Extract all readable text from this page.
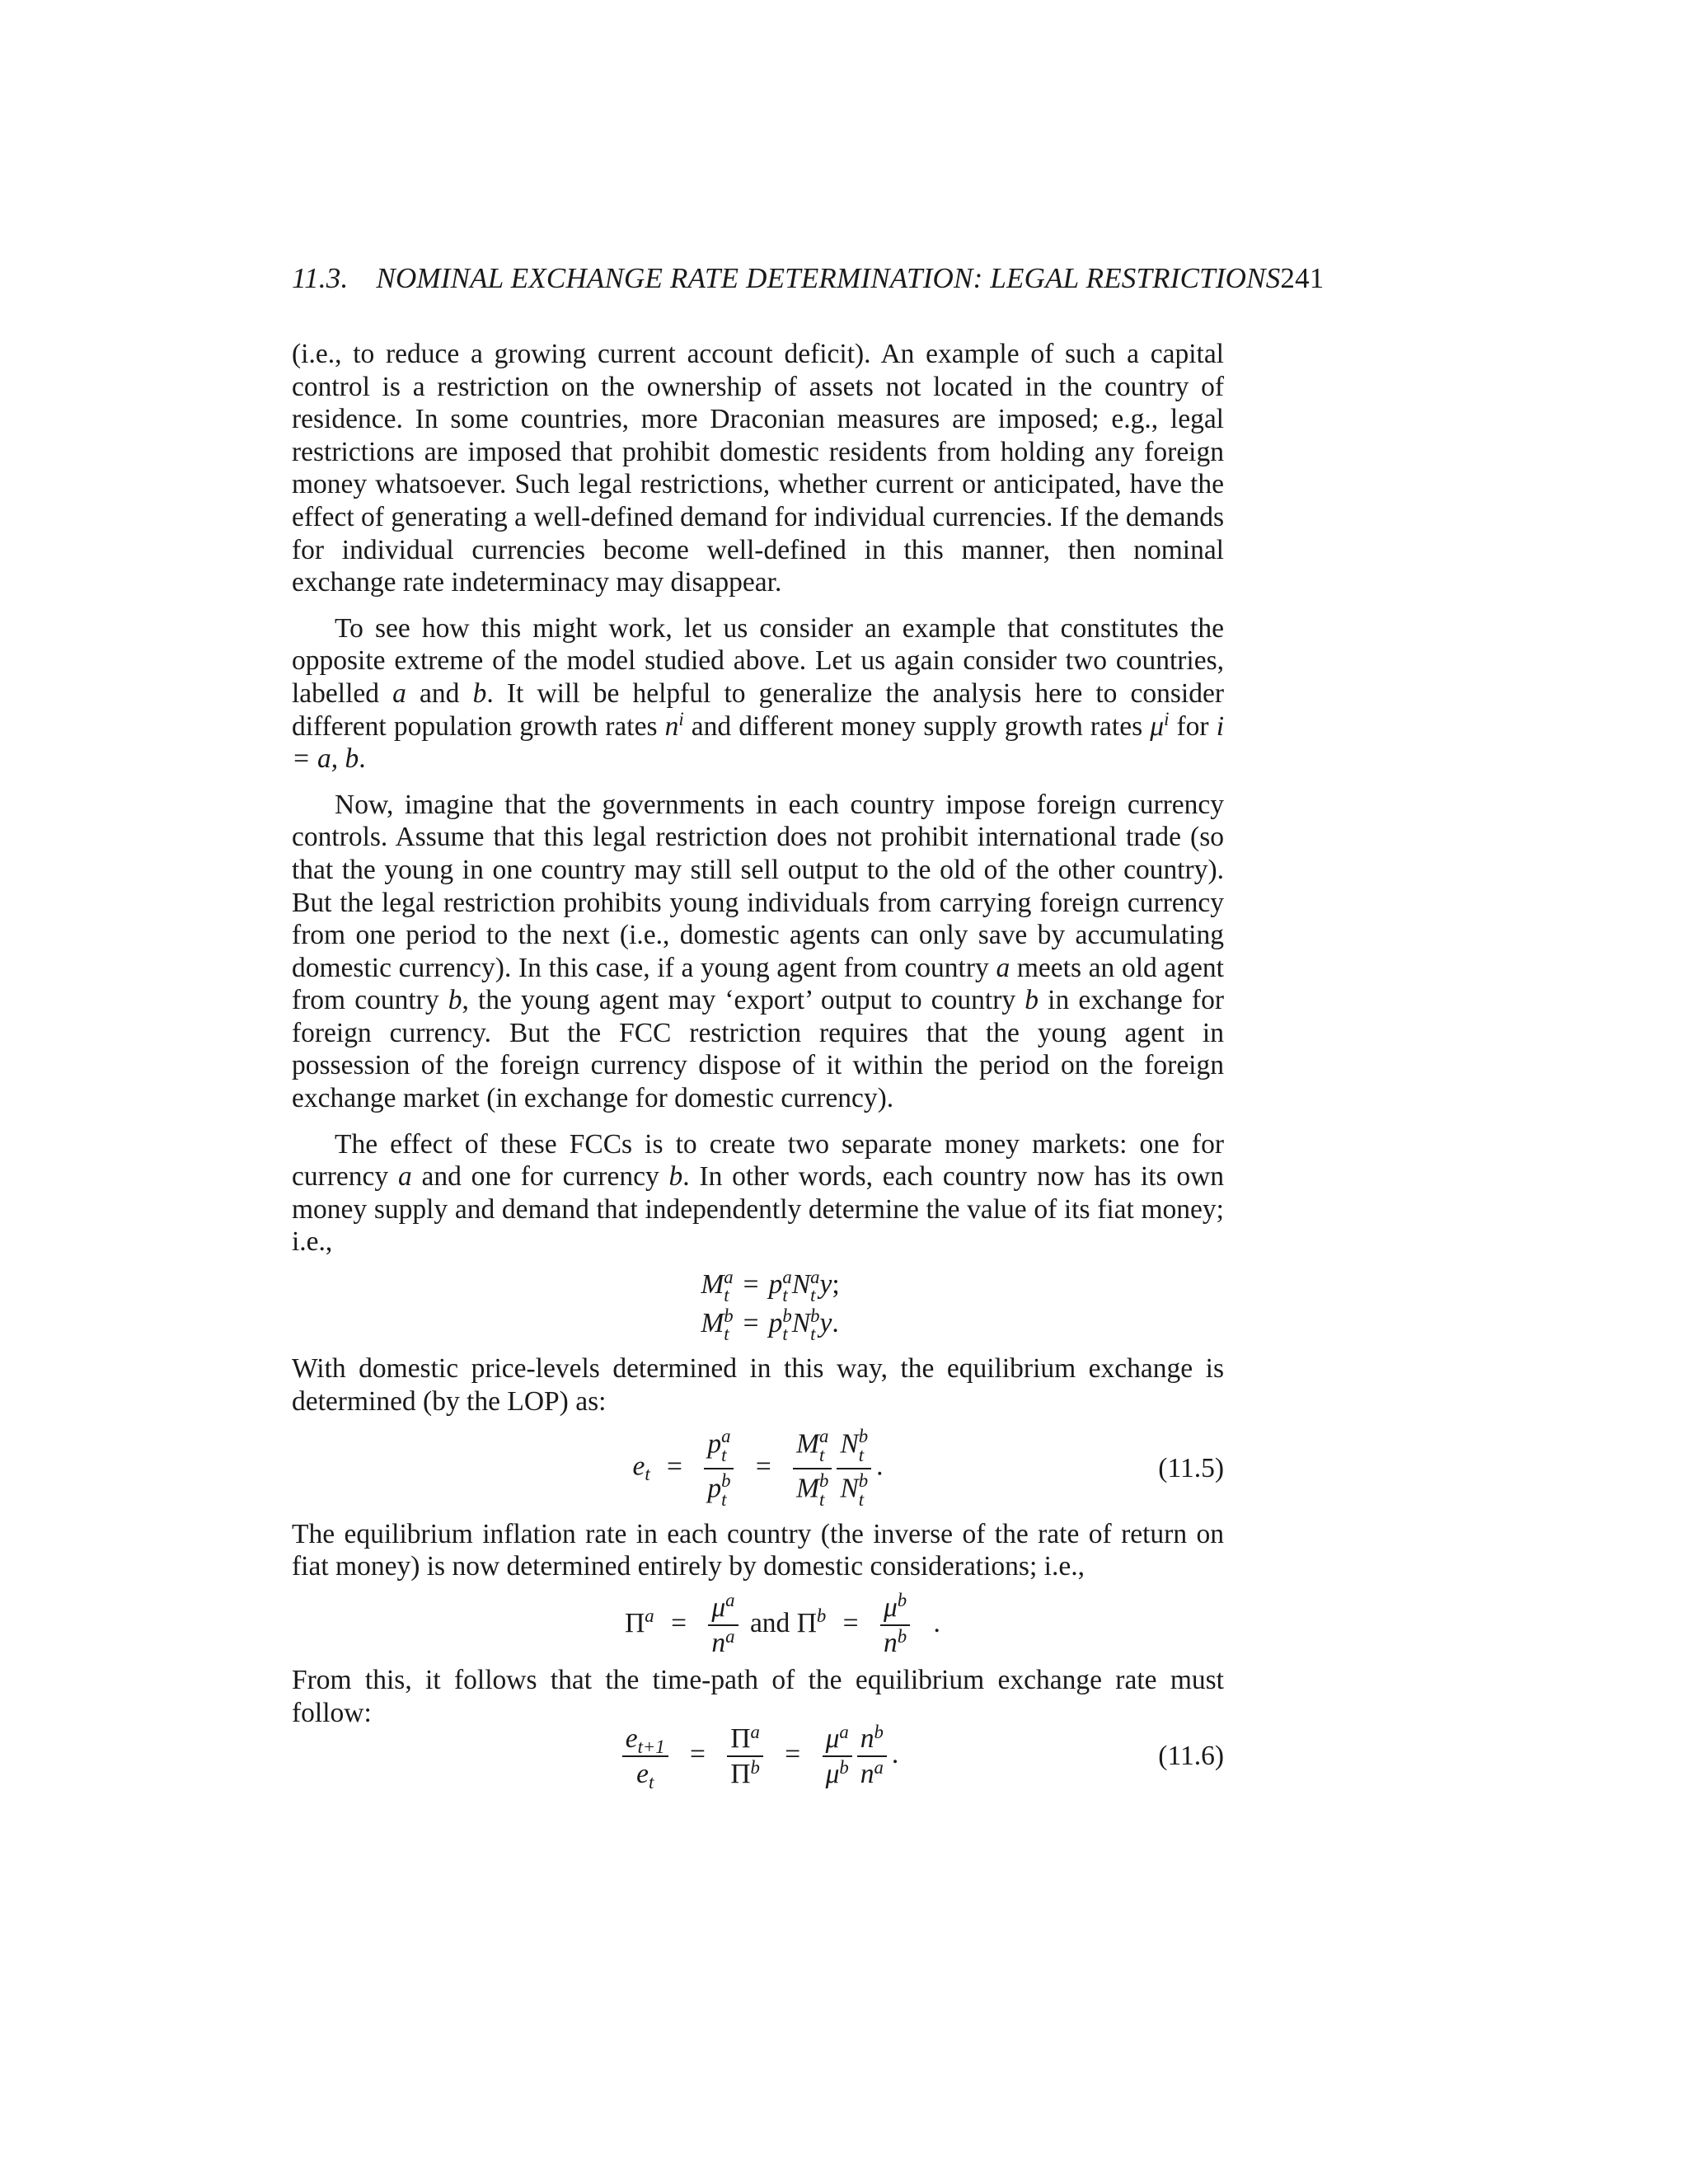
11.3. NOMINAL EXCHANGE RATE DETERMINATION: LEGAL RESTRICTIONS241

(i.e., to reduce a growing current account deficit). An example of such a capital control is a restriction on the ownership of assets not located in the country of residence. In some countries, more Draconian measures are imposed; e.g., legal restrictions are imposed that prohibit domestic residents from holding any foreign money whatsoever. Such legal restrictions, whether current or anticipated, have the effect of generating a well-defined demand for individual currencies. If the demands for individual currencies become well-defined in this manner, then nominal exchange rate indeterminacy may disappear.

To see how this might work, let us consider an example that constitutes the opposite extreme of the model studied above. Let us again consider two countries, labelled a and b. It will be helpful to generalize the analysis here to consider different population growth rates $n^i$ and different money supply growth rates $\mu^i$ for i = a, b.

Now, imagine that the governments in each country impose foreign currency controls. Assume that this legal restriction does not prohibit international trade (so that the young in one country may still sell output to the old of the other country). But the legal restriction prohibits young individuals from carrying foreign currency from one period to the next (i.e., domestic agents can only save by accumulating domestic currency). In this case, if a young agent from country a meets an old agent from country b, the young agent may ‘export’ output to country b in exchange for foreign currency. But the FCC restriction requires that the young agent in possession of the foreign currency dispose of it within the period on the foreign exchange market (in exchange for domestic currency).

The effect of these FCCs is to create two separate money markets: one for currency a and one for currency b. In other words, each country now has its own money supply and demand that independently determine the value of its fiat money; i.e.,

M a
t = p a
t N a
t y;
M b
t = p b
t N b
t y.

With domestic price-levels determined in this way, the equilibrium exchange is determined (by the LOP) as:

$e_t = p$ a
t
p b
t = M a
t
M b
t N b
t
N b
t .	(11.5)

The equilibrium inflation rate in each country (the inverse of the rate of return on fiat money) is now determined entirely by domestic considerations; i.e.,

$\Pi^a = \frac{\mu^a}{n^a}$ and $\Pi^b = \frac{\mu^b}{n^b}$ .

From this, it follows that the time-path of the equilibrium exchange rate must follow:

$\frac{e_{t+1}}{e_t} = \frac{\Pi^a}{\Pi^b} = \frac{\mu^a}{\mu^b} \frac{n^b}{n^a}$ .	(11.6)
